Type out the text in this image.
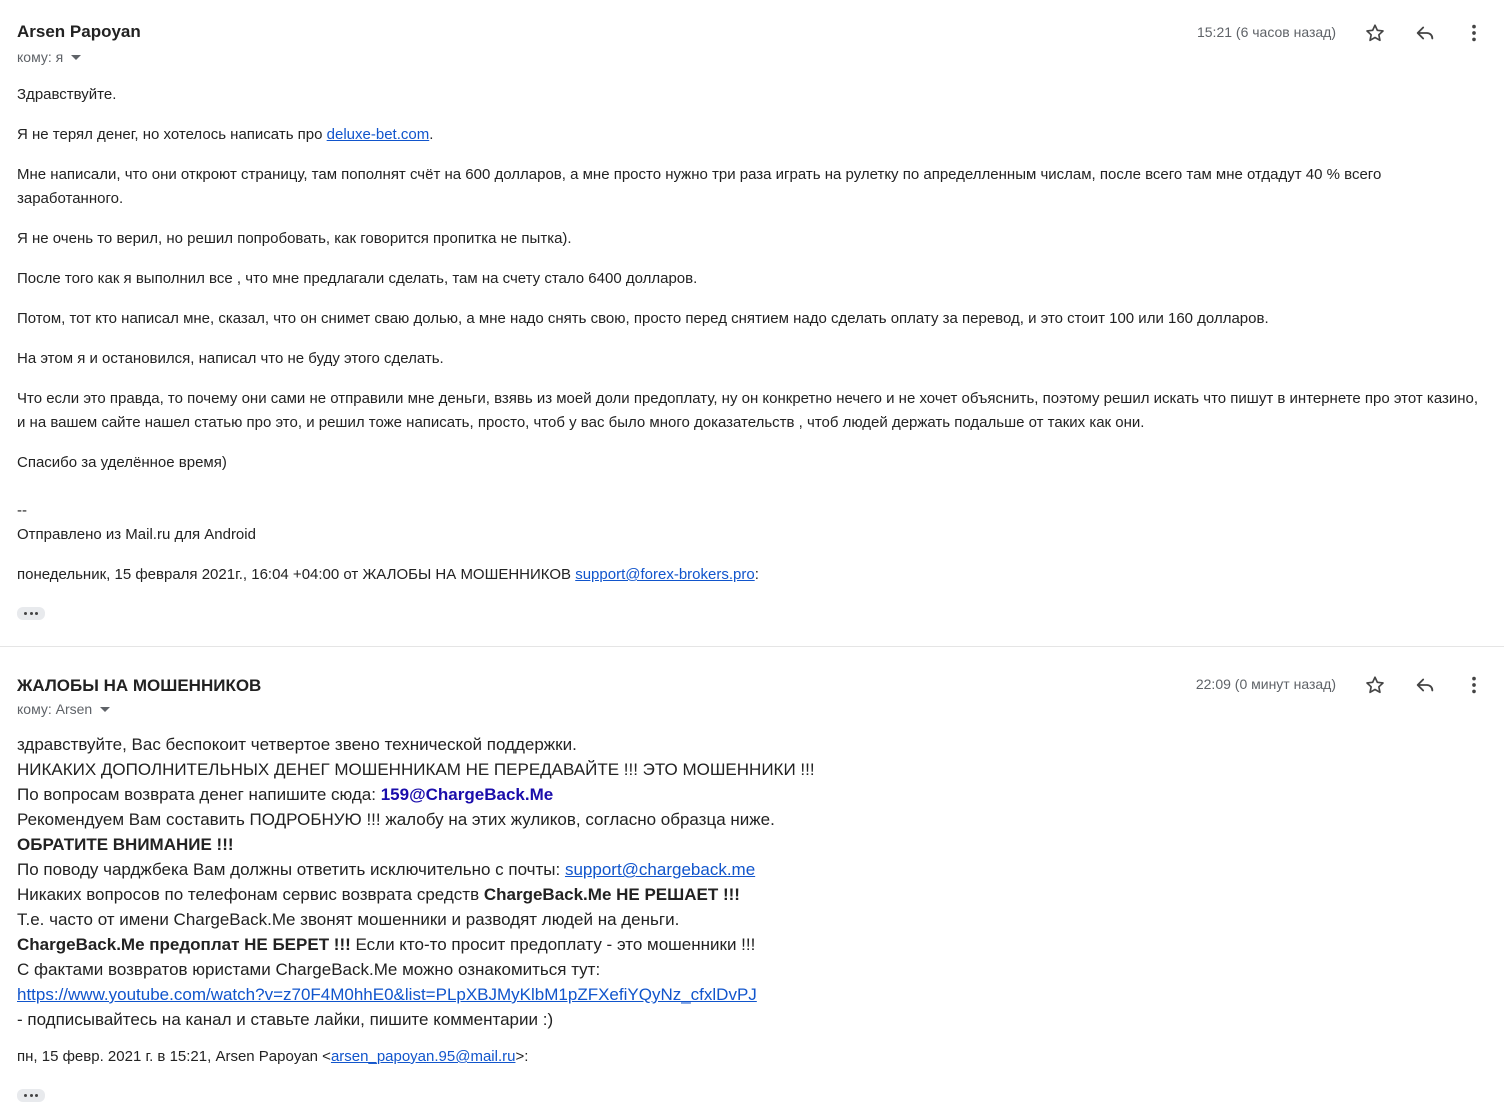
Arsen Papoyan
кому: я
15:21 (6 часов назад)

Здравствуйте.

Я не терял денег, но хотелось написать про deluxe-bet.com.

Мне написали, что они откроют страницу, там пополнят счёт на 600 долларов, а мне просто нужно три раза играть на рулетку по апределленным числам, после всего там мне отдадут 40 % всего заработанного.

Я не очень то верил, но решил попробовать, как говорится пропитка не пытка).

После того как я выполнил все , что мне предлагали сделать, там на счету стало 6400 долларов.

Потом, тот кто написал мне, сказал, что он снимет сваю долью, а мне надо снять свою, просто перед снятием надо сделать оплату за перевод, и это стоит 100 или 160 долларов.

На этом я и остановился, написал что не буду этого сделать.

Что если это правда, то почему они сами не отправили мне деньги, взявь из моей доли предоплату, ну он конкретно нечего и не хочет объяснить, поэтому решил искать что пишут в интернете про этот казино, и на вашем сайте нашел статью про это, и решил тоже написать, просто, чтоб у вас было много доказательств , чтоб людей держать подальше от таких как они.

Спасибо за уделённое время)

--
Отправлено из Mail.ru для Android
понедельник, 15 февраля 2021г., 16:04 +04:00 от ЖАЛОБЫ НА МОШЕННИКОВ support@forex-brokers.pro:
ЖАЛОБЫ НА МОШЕННИКОВ
кому: Arsen
22:09 (0 минут назад)
здравствуйте, Вас беспокоит четвертое звено технической поддержки.
НИКАКИХ ДОПОЛНИТЕЛЬНЫХ ДЕНЕГ МОШЕННИКАМ НЕ ПЕРЕДАВАЙТЕ !!! ЭТО МОШЕННИКИ !!!
По вопросам возврата денег напишите сюда: 159@ChargeBack.Me
Рекомендуем Вам составить ПОДРОБНУЮ !!! жалобу на этих жуликов, согласно образца ниже.
ОБРАТИТЕ ВНИМАНИЕ !!!
По поводу чарджбека Вам должны ответить исключительно с почты: support@chargeback.me
Никаких вопросов по телефонам сервис возврата средств ChargeBack.Me НЕ РЕШАЕТ !!!
Т.е. часто от имени ChargeBack.Me звонят мошенники и разводят людей на деньги.
ChargeBack.Me предоплат НЕ БЕРЕТ !!! Если кто-то просит предоплату - это мошенники !!!
С фактами возвратов юристами ChargeBack.Me можно ознакомиться тут:
https://www.youtube.com/watch?v=z70F4M0hhE0&list=PLpXBJMyKlbM1pZFXefiYQyNz_cfxlDvPJ
- подписывайтесь на канал и ставьте лайки, пишите комментарии :)
пн, 15 февр. 2021 г. в 15:21, Arsen Papoyan <arsen_papoyan.95@mail.ru>:
